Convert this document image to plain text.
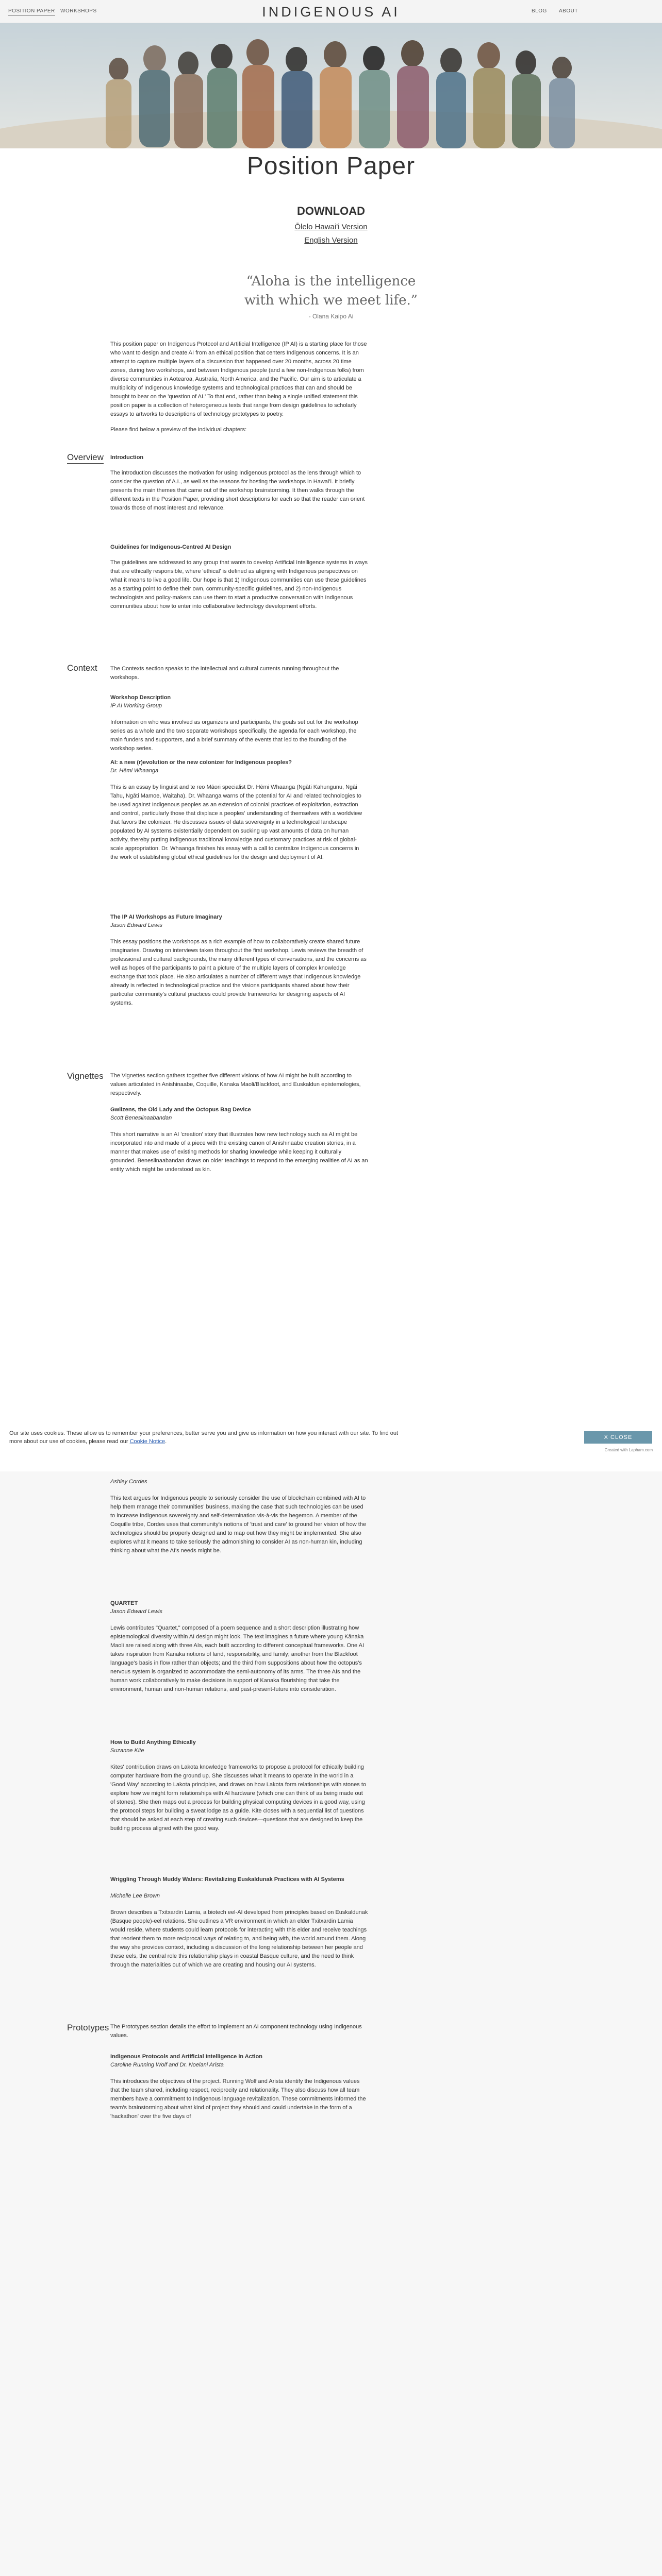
POSITION PAPER WORKSHOPS	INDIGENOUS AI	BLOG ABOUT
Position Paper
DOWNLOAD
Ōlelo Hawai'i Version
English Version
“Aloha is the intelligence
with which we meet life.”
- Olana Kaipo Ai

This position paper on Indigenous Protocol and Artificial Intelligence (IP AI) is a starting place for those who want to design and create AI from an ethical position that centers Indigenous concerns. It is an attempt to capture multiple layers of a discussion that happened over 20 months, across 20 time zones, during two workshops, and between Indigenous people (and a few non-Indigenous folks) from diverse communities in Aotearoa, Australia, North America, and the Pacific. Our aim is to articulate a multiplicity of Indigenous knowledge systems and technological practices that can and should be brought to bear on the 'question of AI.' To that end, rather than being a single unified statement this position paper is a collection of heterogeneous texts that range from design guidelines to scholarly essays to artworks to descriptions of technology prototypes to poetry.

Please find below a preview of the individual chapters:

Overview Introduction

The introduction discusses the motivation for using Indigenous protocol as the lens through which to consider the question of A.I., as well as the reasons for hosting the workshops in Hawai'i. It briefly presents the main themes that came out of the workshop brainstorming. It then walks through the different texts in the Position Paper, providing short descriptions for each so that the reader can orient towards those of most interest and relevance.

Guidelines for Indigenous-Centred AI Design

The guidelines are addressed to any group that wants to develop Artificial Intelligence systems in ways that are ethically responsible, where 'ethical' is defined as aligning with Indigenous perspectives on what it means to live a good life. Our hope is that 1) Indigenous communities can use these guidelines as a starting point to define their own, community-specific guidelines, and 2) non-Indigenous technologists and policy-makers can use them to start a productive conversation with Indigenous communities about how to enter into collaborative technology development efforts.

Context The Contexts section speaks to the intellectual and cultural currents running throughout the workshops.

Workshop Description
IP AI Working Group

Information on who was involved as organizers and participants, the goals set out for the workshop series as a whole and the two separate workshops specifically, the agenda for each workshop, the main funders and supporters, and a brief summary of the events that led to the founding of the workshop series.

AI: a new (r)evolution or the new colonizer for Indigenous peoples?
Dr. Hēmi Whaanga

This is an essay by linguist and te reo Māori specialist Dr. Hēmi Whaanga (Ngāti Kahungunu, Ngāi Tahu, Ngāti Mamoe, Waitaha). Dr. Whaanga warns of the potential for AI and related technologies to be used against Indigenous peoples as an extension of colonial practices of exploitation, extraction and control, particularly those that displace a peoples' understanding of themselves with a worldview that favors the colonizer. He discusses issues of data sovereignty in a technological landscape populated by AI systems existentially dependent on sucking up vast amounts of data on human activity, thereby putting Indigenous traditional knowledge and customary practices at risk of global-scale appropriation. Dr. Whaanga finishes his essay with a call to centralize Indigenous concerns in the work of establishing global ethical guidelines for the design and deployment of AI.

The IP AI Workshops as Future Imaginary
Jason Edward Lewis

This essay positions the workshops as a rich example of how to collaboratively create shared future imaginaries. Drawing on interviews taken throughout the first workshop, Lewis reviews the breadth of professional and cultural backgrounds, the many different types of conversations, and the concerns as well as hopes of the participants to paint a picture of the multiple layers of complex knowledge exchange that took place. He also articulates a number of different ways that Indigenous knowledge already is reflected in technological practice and the visions participants shared about how their particular community's cultural practices could provide frameworks for designing aspects of AI systems.

Vignettes The Vignettes section gathers together five different visions of how AI might be built according to values articulated in Anishinaabe, Coquille, Kanaka Maoli/Blackfoot, and Euskaldun epistemologies, respectively.

Gwiizens, the Old Lady and the Octopus Bag Device
Scott Benesiinaabandan

This short narrative is an AI 'creation' story that illustrates how new technology such as AI might be incorporated into and made of a piece with the existing canon of Anishinaabe creation stories, in a manner that makes use of existing methods for sharing knowledge while keeping it culturally grounded. Benesiinaabandan draws on older teachings to respond to the emerging realities of AI as an entity which might be understood as kin.

Our site uses cookies. These allow us to remember your preferences, better serve you and give us information on how you interact with our site. To find out more about our use of cookies, please read our Cookie Notice.

X CLOSE
Created with Lapham.com
Ashley Cordes

This text argues for Indigenous people to seriously consider the use of blockchain combined with AI to help them manage their communities' business, making the case that such technologies can be used to increase Indigenous sovereignty and self-determination vis-à-vis the hegemon. A member of the Coquille tribe, Cordes uses that community's notions of 'trust and care' to ground her vision of how the technologies should be properly designed and to map out how they might be implemented. She also explores what it means to take seriously the admonishing to consider AI as non-human kin, including thinking about what the AI's needs might be.

QUARTET
Jason Edward Lewis

Lewis contributes "Quartet," composed of a poem sequence and a short description illustrating how epistemological diversity within AI design might look. The text imagines a future where young Kānaka Maoli are raised along with three AIs, each built according to different conceptual frameworks. One AI takes inspiration from Kanaka notions of land, responsibility, and family; another from the Blackfoot language's basis in flow rather than objects; and the third from suppositions about how the octopus's nervous system is organized to accommodate the semi-autonomy of its arms. The three AIs and the human work collaboratively to make decisions in support of Kanaka flourishing that take the environment, human and non-human relations, and past-present-future into consideration.

How to Build Anything Ethically
Suzanne Kite

Kites' contribution draws on Lakota knowledge frameworks to propose a protocol for ethically building computer hardware from the ground up. She discusses what it means to operate in the world in a 'Good Way' according to Lakota principles, and draws on how Lakota form relationships with stones to explore how we might form relationships with AI hardware (which one can think of as being made out of stones). She then maps out a process for building physical computing devices in a good way, using the protocol steps for building a sweat lodge as a guide. Kite closes with a sequential list of questions that should be asked at each step of creating such devices—questions that are designed to keep the building process aligned with the good way.

Wriggling Through Muddy Waters: Revitalizing Euskaldunak Practices with AI Systems
Michelle Lee Brown

Brown describes a Txitxardin Lamia, a biotech eel-AI developed from principles based on Euskaldunak (Basque people)-eel relations. She outlines a VR environment in which an elder Txitxardin Lamia would reside, where students could learn protocols for interacting with this elder and receive teachings that reorient them to more reciprocal ways of relating to, and being with, the world around them. Along the way she provides context, including a discussion of the long relationship between her people and these eels, the central role this relationship plays in coastal Basque culture, and the need to think through the materialities out of which we are creating and housing our AI systems.

Prototypes The Prototypes section details the effort to implement an AI component technology using Indigenous values.

Indigenous Protocols and Artificial Intelligence in Action
Caroline Running Wolf and Dr. Noelani Arista

This introduces the objectives of the project. Running Wolf and Arista identify the Indigenous values that the team shared, including respect, reciprocity and relationality. They also discuss how all team members have a commitment to Indigenous language revitalization. These commitments informed the team's brainstorming about what kind of project they should and could undertake in the form of a 'hackathon' over the five days of
